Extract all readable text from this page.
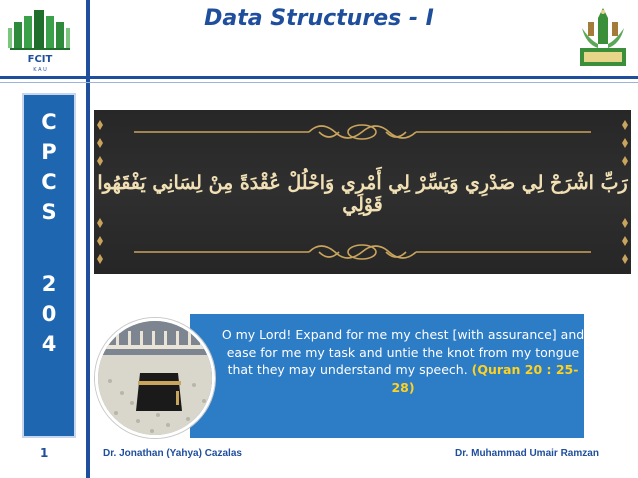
Data Structures - I
FCIT
K A U
C
P
C
S
2
0
4
رَبِّ اشْرَحْ لِي صَدْرِي وَيَسِّرْ لِي أَمْرِي وَاحْلُلْ عُقْدَةً مِنْ لِسَانِي يَفْقَهُوا قَوْلِي
O my Lord! Expand for me my chest [with assurance] and ease for me my task and untie the knot from my tongue that they may understand my speech. (Quran 20 : 25-28)
1	Dr. Jonathan (Yahya) Cazalas	Dr. Muhammad Umair Ramzan
